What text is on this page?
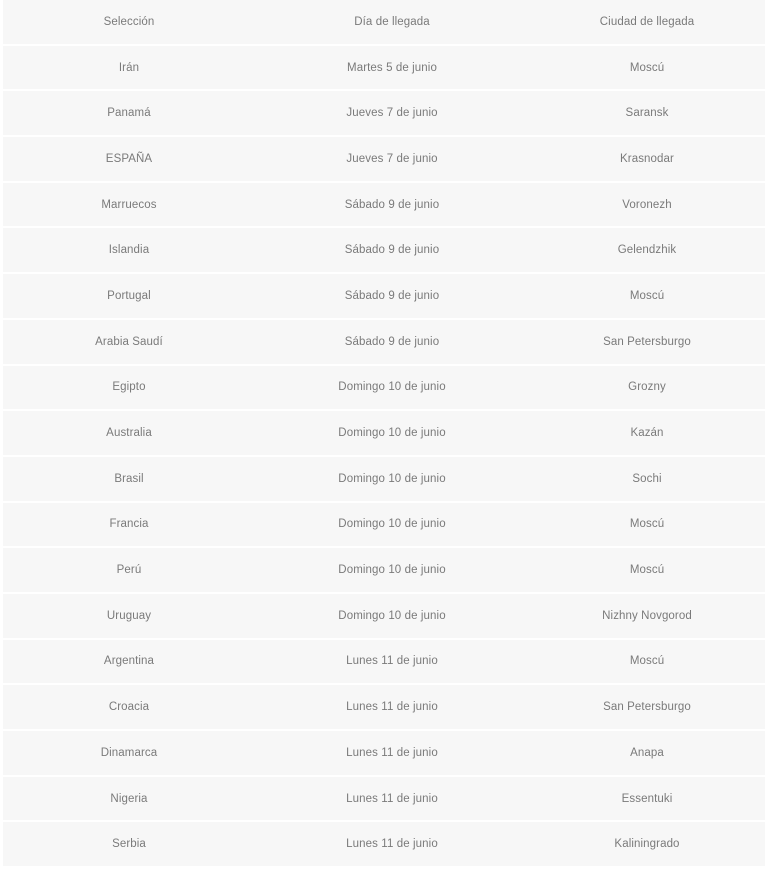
Selección	Día de llegada	Ciudad de llegada
Irán	Martes 5 de junio	Moscú
Panamá	Jueves 7 de junio	Saransk
ESPAÑA	Jueves 7 de junio	Krasnodar
Marruecos	Sábado 9 de junio	Voronezh
Islandia	Sábado 9 de junio	Gelendzhik
Portugal	Sábado 9 de junio	Moscú
Arabia Saudí	Sábado 9 de junio	San Petersburgo
Egipto	Domingo 10 de junio	Grozny
Australia	Domingo 10 de junio	Kazán
Brasil	Domingo 10 de junio	Sochi
Francia	Domingo 10 de junio	Moscú
Perú	Domingo 10 de junio	Moscú
Uruguay	Domingo 10 de junio	Nizhny Novgorod
Argentina	Lunes 11 de junio	Moscú
Croacia	Lunes 11 de junio	San Petersburgo
Dinamarca	Lunes 11 de junio	Anapa
Nigeria	Lunes 11 de junio	Essentuki
Serbia	Lunes 11 de junio	Kaliningrado
